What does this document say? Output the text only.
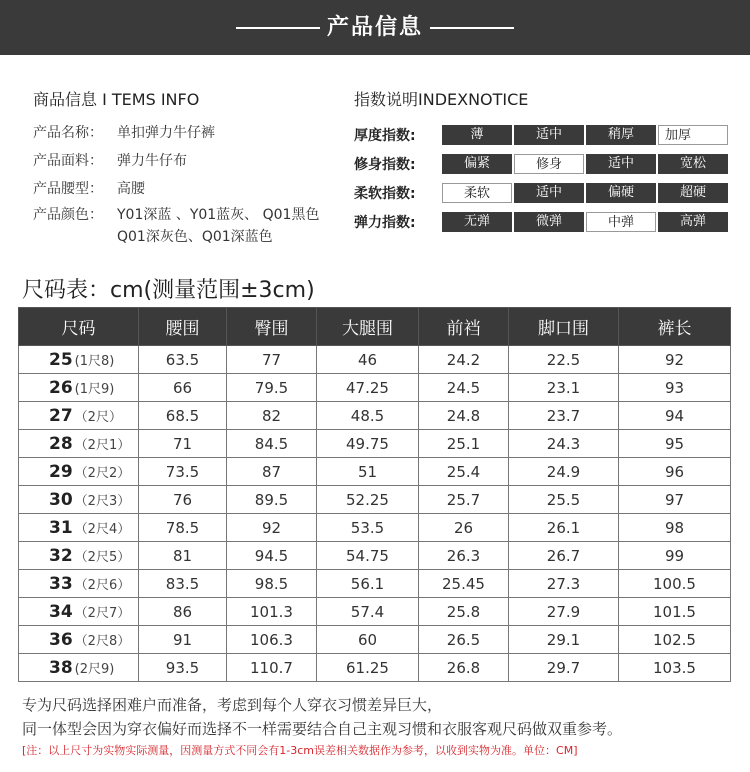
产品信息
商品信息 I TEMS INFO
产品名称： 单扣弹力牛仔裤
产品面料： 弹力牛仔布
产品腰型： 高腰
产品颜色：	Y01深蓝 、Y01蓝灰、 Q01黑色 Q01深灰色、Q01深蓝色
指数说明INDEXNOTICE
厚度指数:	薄	适中	稍厚	加厚
修身指数:	偏紧	修身	适中	宽松
柔软指数:	柔软	适中	偏硬	超硬
弹力指数:	无弹	微弹	中弹	高弹
尺码表：cm(测量范围±3cm)
尺码	腰围	臀围	大腿围	前裆	脚口围	裤长
25 (1尺8)	63.5	77	46	24.2	22.5	92
26 (1尺9)	66	79.5	47.25	24.5	23.1	93
27 （2尺）	68.5	82	48.5	24.8	23.7	94
28 （2尺1）	71	84.5	49.75	25.1	24.3	95
29 （2尺2）	73.5	87	51	25.4	24.9	96
30 （2尺3）	76	89.5	52.25	25.7	25.5	97
31 （2尺4）	78.5	92	53.5	26	26.1	98
32 （2尺5）	81	94.5	54.75	26.3	26.7	99
33 （2尺6）	83.5	98.5	56.1	25.45	27.3	100.5
34 （2尺7）	86	101.3	57.4	25.8	27.9	101.5
36 （2尺8）	91	106.3	60	26.5	29.1	102.5
38 (2尺9)	93.5	110.7	61.25	26.8	29.7	103.5
专为尺码选择困难户而准备，考虑到每个人穿衣习惯差异巨大，
同一体型会因为穿衣偏好而选择不一样需要结合自己主观习惯和衣服客观尺码做双重参考。
[注：以上尺寸为实物实际测量，因测量方式不同会有1-3cm误差相关数据作为参考，以收到实物为准。单位：CM]
